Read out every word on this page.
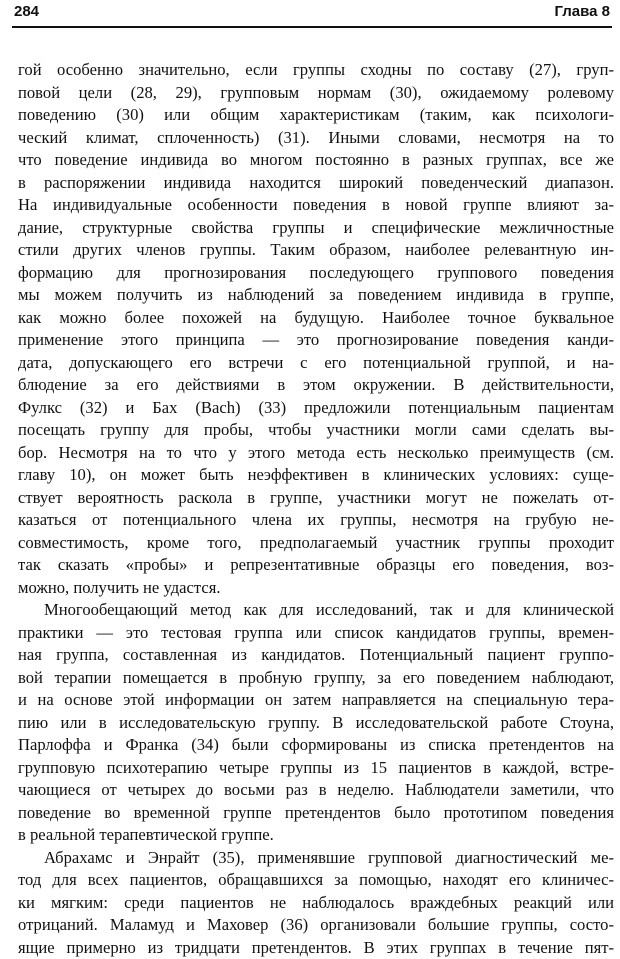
284	Глава 8
гой особенно значительно, если группы сходны по составу (27), груп-
повой цели (28, 29), групповым нормам (30), ожидаемому ролевому
поведению (30) или общим характеристикам (таким, как психологи-
ческий климат, сплоченность) (31). Иными словами, несмотря на то
что поведение индивида во многом постоянно в разных группах, все же
в распоряжении индивида находится широкий поведенческий диапазон.
На индивидуальные особенности поведения в новой группе влияют за-
дание, структурные свойства группы и специфические межличностные
стили других членов группы. Таким образом, наиболее релевантную ин-
формацию для прогнозирования последующего группового поведения
мы можем получить из наблюдений за поведением индивида в группе,
как можно более похожей на будущую. Наиболее точное буквальное
применение этого принципа — это прогнозирование поведения канди-
дата, допускающего его встречи с его потенциальной группой, и на-
блюдение за его действиями в этом окружении. В действительности,
Фулкс (32) и Бах (Bach) (33) предложили потенциальным пациентам
посещать группу для пробы, чтобы участники могли сами сделать вы-
бор. Несмотря на то что у этого метода есть несколько преимуществ (см.
главу 10), он может быть неэффективен в клинических условиях: суще-
ствует вероятность раскола в группе, участники могут не пожелать от-
казаться от потенциального члена их группы, несмотря на грубую не-
совместимость, кроме того, предполагаемый участник группы проходит
так сказать «пробы» и репрезентативные образцы его поведения, воз-
можно, получить не удастся.
Многообещающий метод как для исследований, так и для клинической
практики — это тестовая группа или список кандидатов группы, времен-
ная группа, составленная из кандидатов. Потенциальный пациент группо-
вой терапии помещается в пробную группу, за его поведением наблюдают,
и на основе этой информации он затем направляется на специальную тера-
пию или в исследовательскую группу. В исследовательской работе Стоуна,
Парлоффа и Франка (34) были сформированы из списка претендентов на
групповую психотерапию четыре группы из 15 пациентов в каждой, встре-
чающиеся от четырех до восьми раз в неделю. Наблюдатели заметили, что
поведение во временной группе претендентов было прототипом поведения
в реальной терапевтической группе.
Абрахамс и Энрайт (35), применявшие групповой диагностический ме-
тод для всех пациентов, обращавшихся за помощью, находят его клиничес-
ки мягким: среди пациентов не наблюдалось враждебных реакций или
отрицаний. Маламуд и Маховер (36) организовали большие группы, состо-
ящие примерно из тридцати претендентов. В этих группах в течение пят-
